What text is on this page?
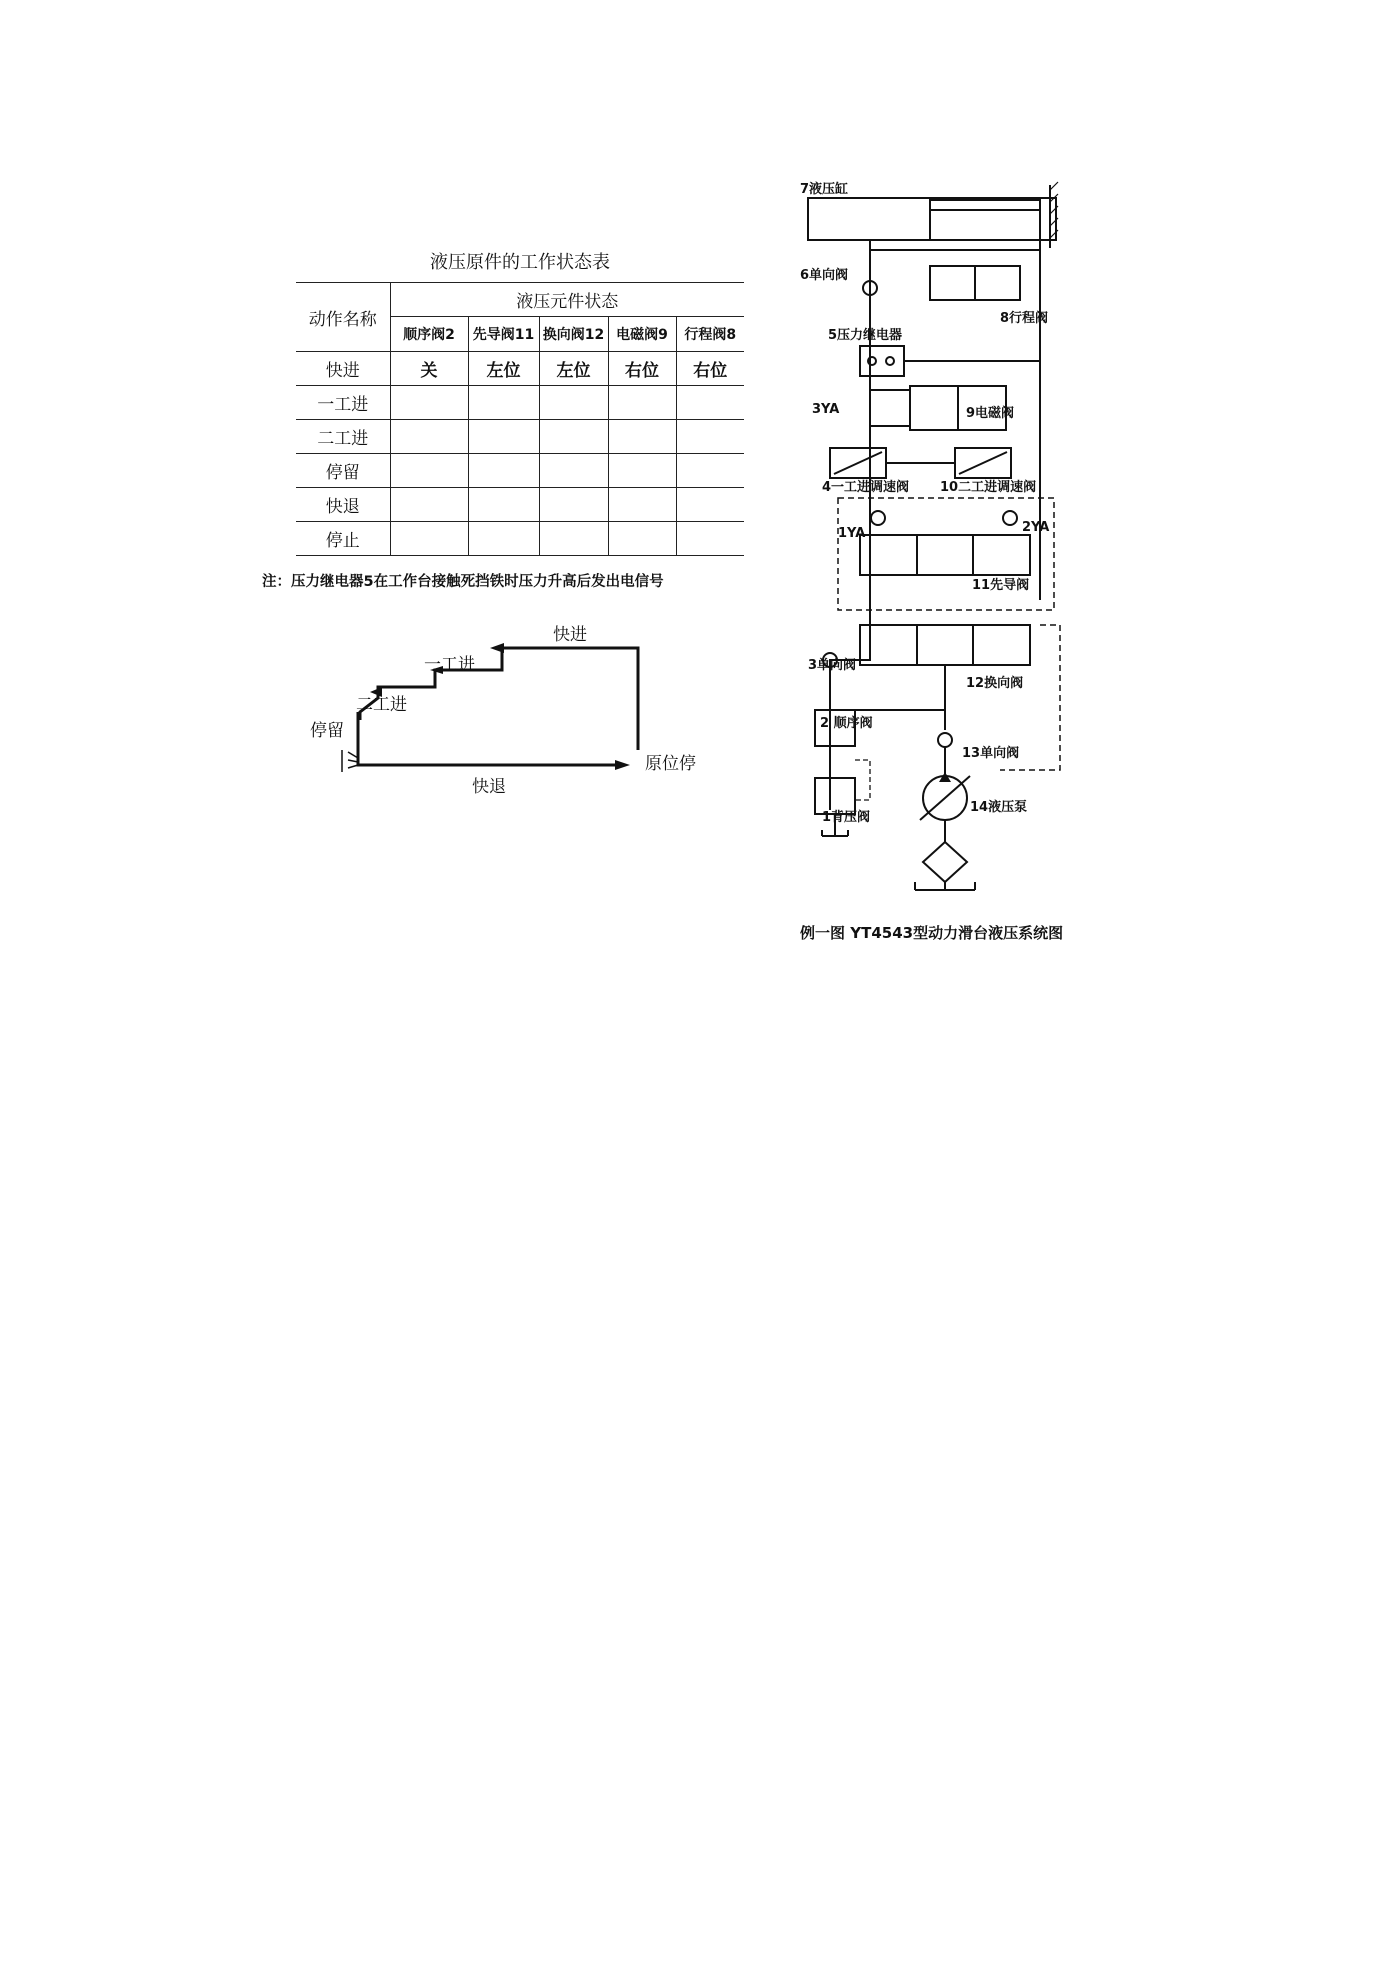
液压原件的工作状态表
动作名称	液压元件状态				
	顺序阀2	先导阀11	换向阀12	电磁阀9	行程阀8
快进	关	左位	左位	右位	右位
一工进					
二工进					
停留					
快退					
停止					
注：压力继电器5在工作台接触死挡铁时压力升高后发出电信号
快进
一工进
二工进
停留
快退
原位停
7液压缸
6单向阀
8行程阀
5压力继电器
3YA	9电磁阀
4一工进调速阀 10二工进调速阀
1YA	2YA
11先导阀
3单向阀
12换向阀
2 顺序阀
13单向阀
1背压阀
14液压泵
例一图 YT4543型动力滑台液压系统图
